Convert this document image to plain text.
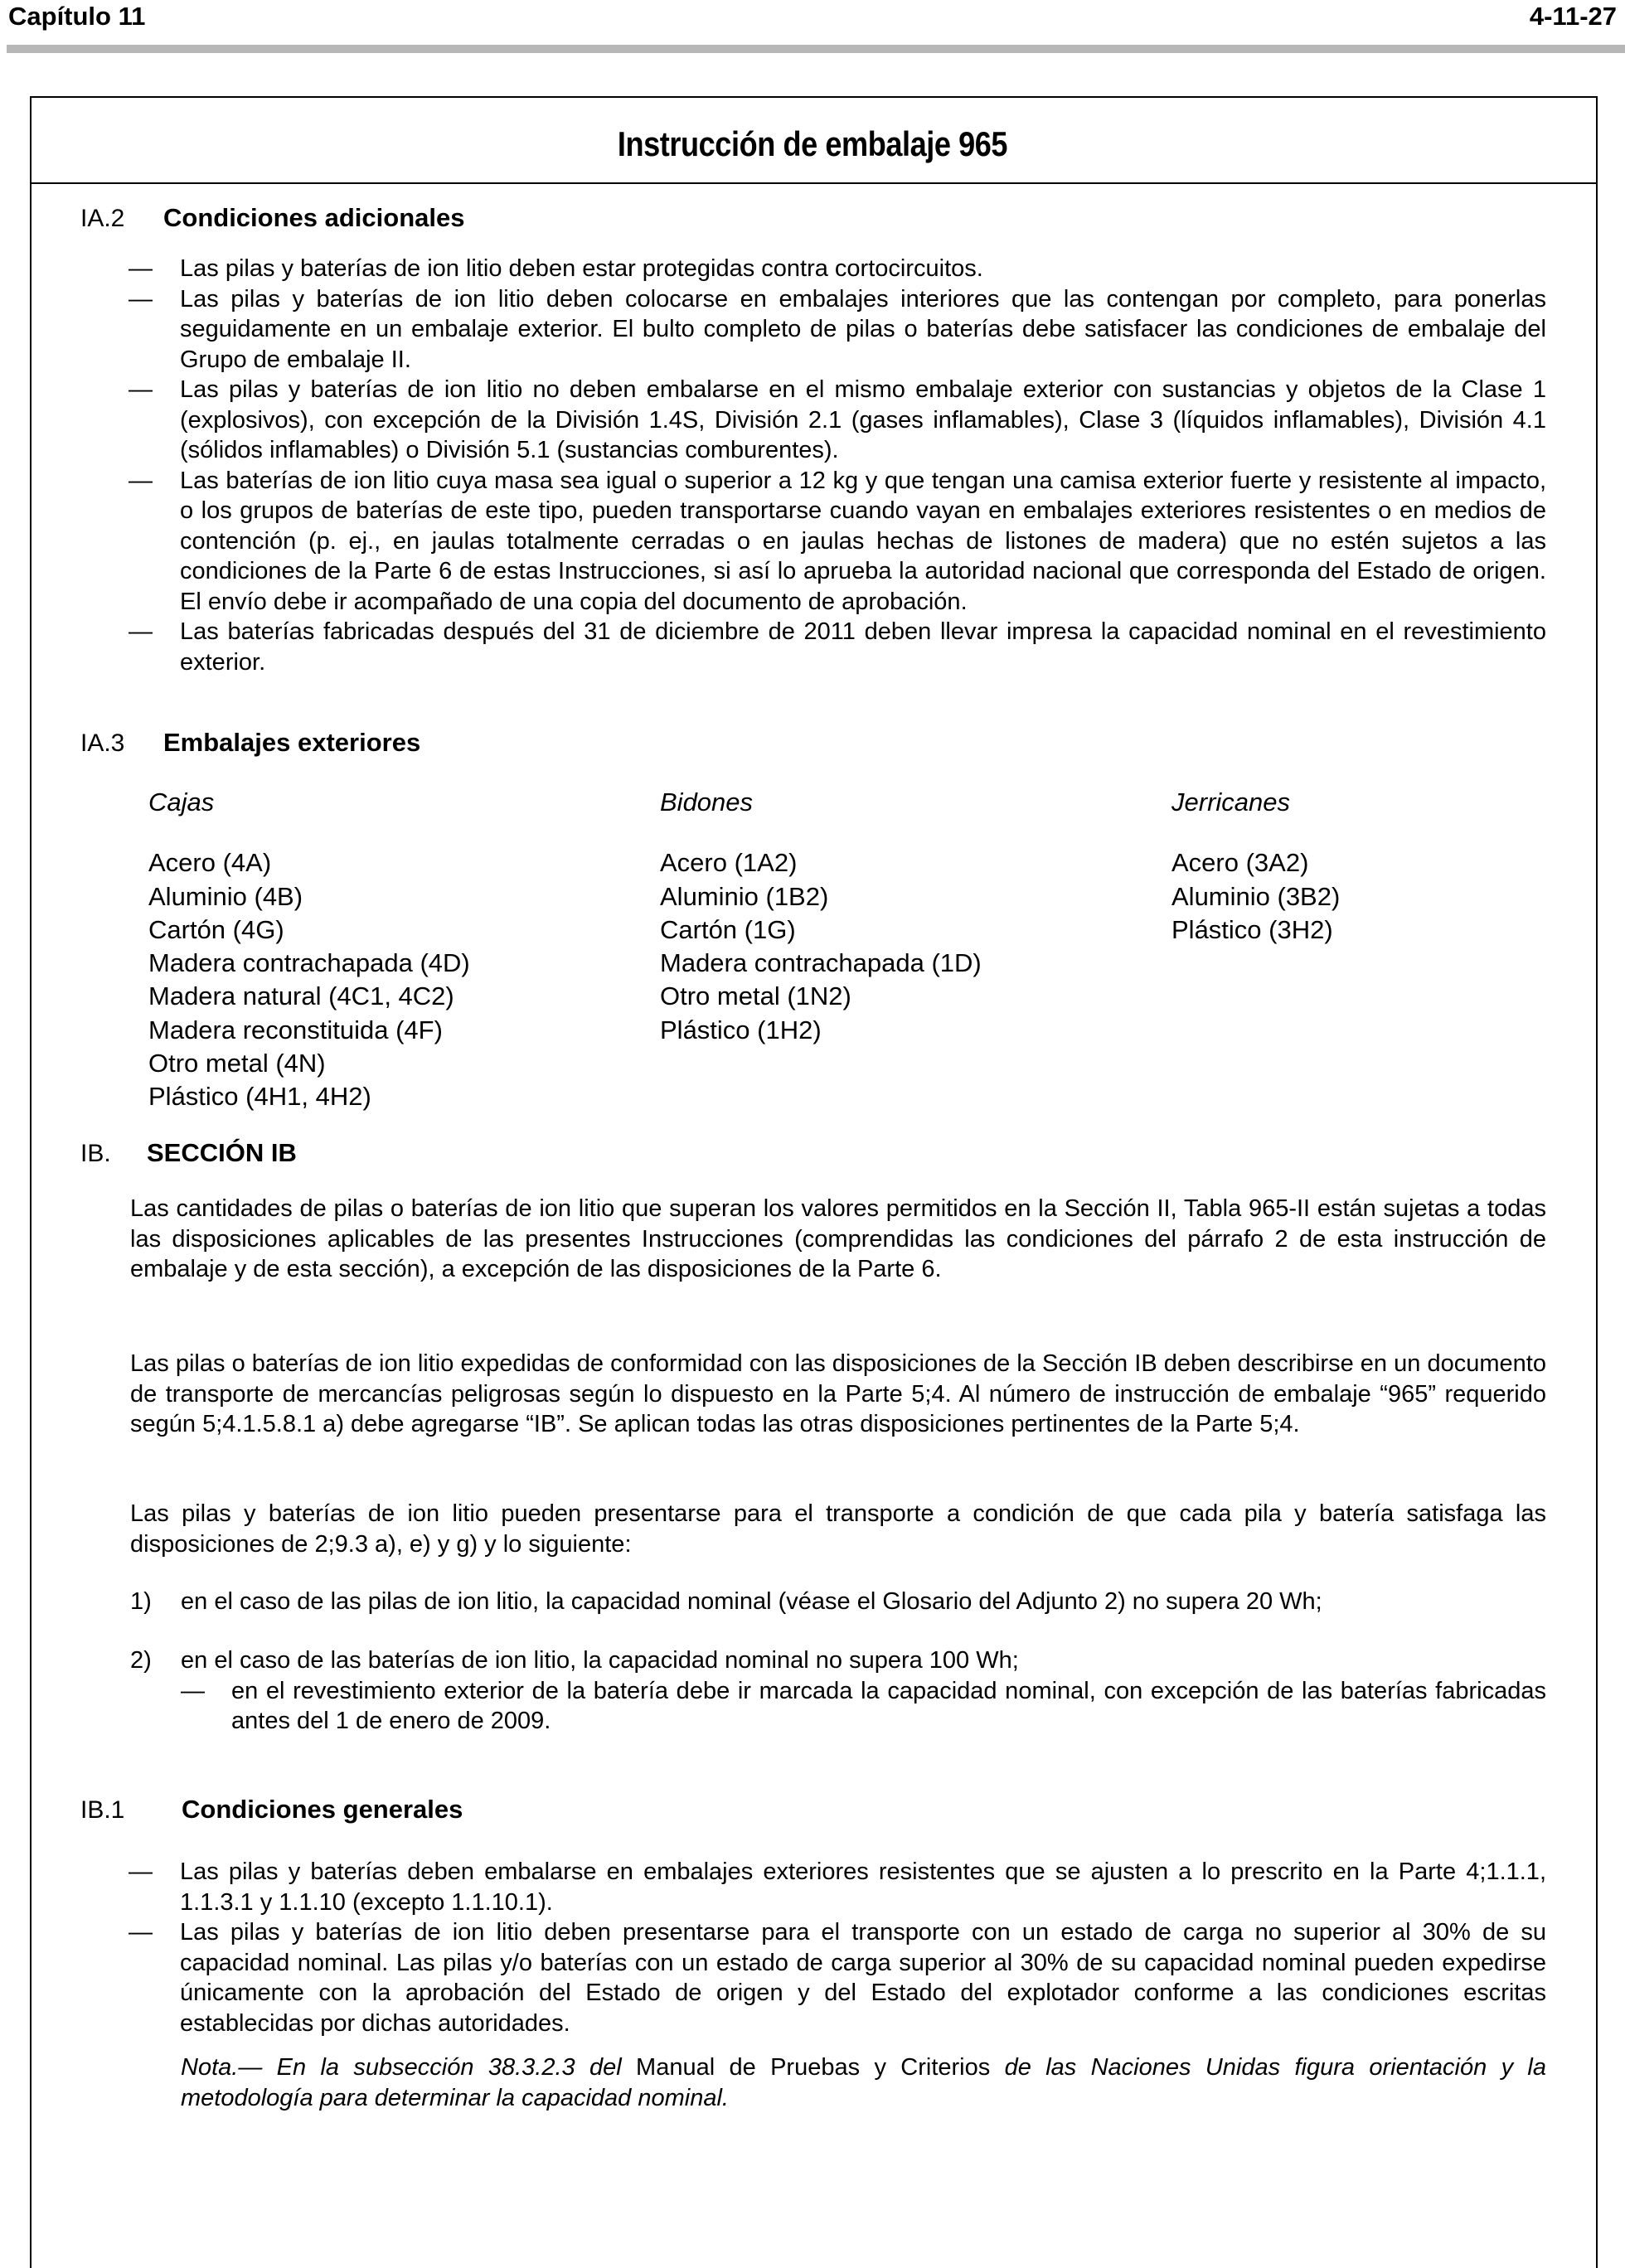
Capítulo 11	4-11-27
Instrucción de embalaje 965
IA.2 Condiciones adicionales
— Las pilas y baterías de ion litio deben estar protegidas contra cortocircuitos.
— Las pilas y baterías de ion litio deben colocarse en embalajes interiores que las contengan por completo, para ponerlas seguidamente en un embalaje exterior. El bulto completo de pilas o baterías debe satisfacer las condiciones de embalaje del Grupo de embalaje II.
— Las pilas y baterías de ion litio no deben embalarse en el mismo embalaje exterior con sustancias y objetos de la Clase 1 (explosivos), con excepción de la División 1.4S, División 2.1 (gases inflamables), Clase 3 (líquidos inflamables), División 4.1 (sólidos inflamables) o División 5.1 (sustancias comburentes).
— Las baterías de ion litio cuya masa sea igual o superior a 12 kg y que tengan una camisa exterior fuerte y resistente al impacto, o los grupos de baterías de este tipo, pueden transportarse cuando vayan en embalajes exteriores resistentes o en medios de contención (p. ej., en jaulas totalmente cerradas o en jaulas hechas de listones de madera) que no estén sujetos a las condiciones de la Parte 6 de estas Instrucciones, si así lo aprueba la autoridad nacional que corresponda del Estado de origen. El envío debe ir acompañado de una copia del documento de aprobación.
— Las baterías fabricadas después del 31 de diciembre de 2011 deben llevar impresa la capacidad nominal en el revestimiento exterior.
IA.3 Embalajes exteriores
Cajas
Acero (4A)
Aluminio (4B)
Cartón (4G)
Madera contrachapada (4D)
Madera natural (4C1, 4C2)
Madera reconstituida (4F)
Otro metal (4N)
Plástico (4H1, 4H2)
Bidones
Acero (1A2)
Aluminio (1B2)
Cartón (1G)
Madera contrachapada (1D)
Otro metal (1N2)
Plástico (1H2)
Jerricanes
Acero (3A2)
Aluminio (3B2)
Plástico (3H2)
IB. SECCIÓN IB
Las cantidades de pilas o baterías de ion litio que superan los valores permitidos en la Sección II, Tabla 965-II están sujetas a todas las disposiciones aplicables de las presentes Instrucciones (comprendidas las condiciones del párrafo 2 de esta instrucción de embalaje y de esta sección), a excepción de las disposiciones de la Parte 6.
Las pilas o baterías de ion litio expedidas de conformidad con las disposiciones de la Sección IB deben describirse en un documento de transporte de mercancías peligrosas según lo dispuesto en la Parte 5;4. Al número de instrucción de embalaje “965” requerido según 5;4.1.5.8.1 a) debe agregarse “IB”. Se aplican todas las otras disposiciones pertinentes de la Parte 5;4.
Las pilas y baterías de ion litio pueden presentarse para el transporte a condición de que cada pila y batería satisfaga las disposiciones de 2;9.3 a), e) y g) y lo siguiente:
1) en el caso de las pilas de ion litio, la capacidad nominal (véase el Glosario del Adjunto 2) no supera 20 Wh;
2) en el caso de las baterías de ion litio, la capacidad nominal no supera 100 Wh;
— en el revestimiento exterior de la batería debe ir marcada la capacidad nominal, con excepción de las baterías fabricadas antes del 1 de enero de 2009.
IB.1 Condiciones generales
— Las pilas y baterías deben embalarse en embalajes exteriores resistentes que se ajusten a lo prescrito en la Parte 4;1.1.1, 1.1.3.1 y 1.1.10 (excepto 1.1.10.1).
— Las pilas y baterías de ion litio deben presentarse para el transporte con un estado de carga no superior al 30% de su capacidad nominal. Las pilas y/o baterías con un estado de carga superior al 30% de su capacidad nominal pueden expedirse únicamente con la aprobación del Estado de origen y del Estado del explotador conforme a las condiciones escritas establecidas por dichas autoridades.
Nota.— En la subsección 38.3.2.3 del Manual de Pruebas y Criterios de las Naciones Unidas figura orientación y la metodología para determinar la capacidad nominal.
